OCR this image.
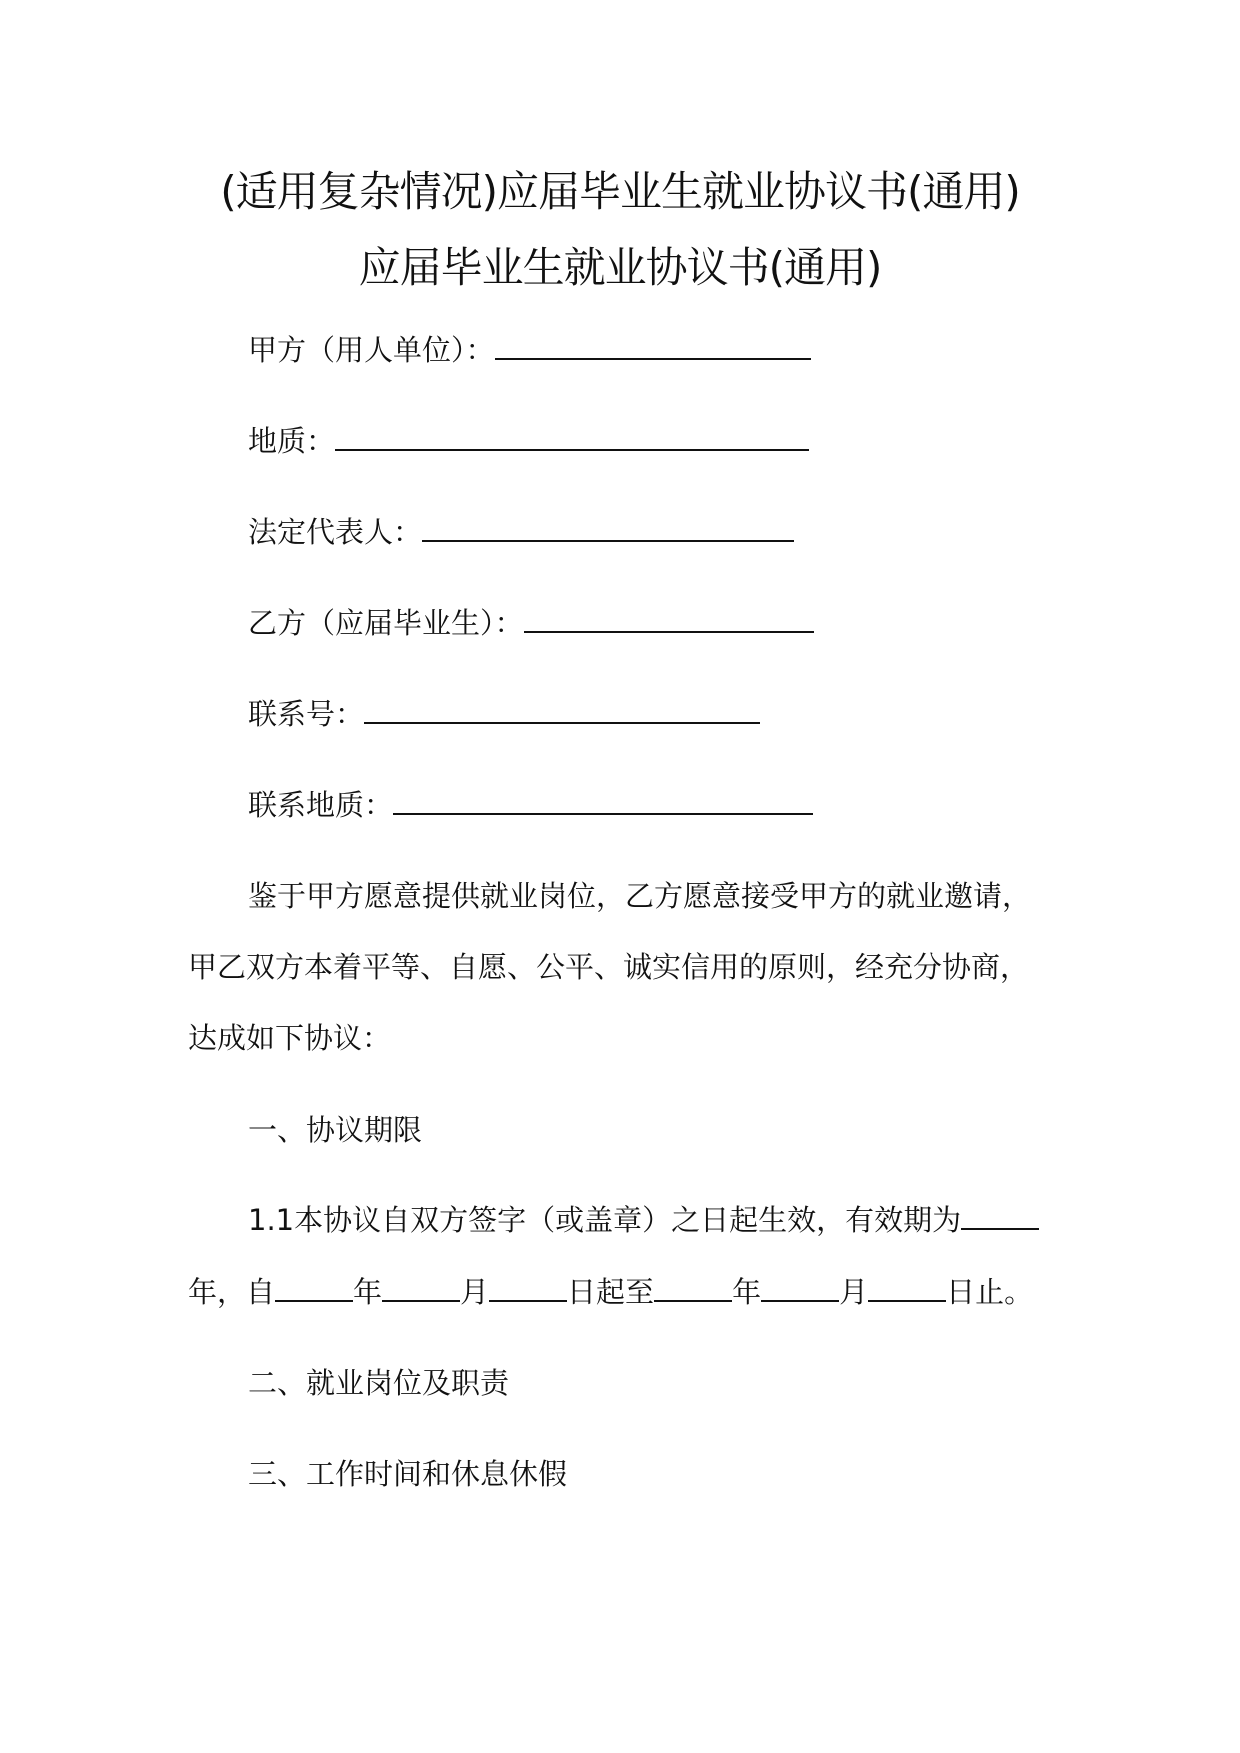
(适用复杂情况)应届毕业生就业协议书(通用)
应届毕业生就业协议书(通用)
甲方（用人单位）：
地质：
法定代表人：
乙方（应届毕业生）：
联系号：
联系地质：
鉴于甲方愿意提供就业岗位，乙方愿意接受甲方的就业邀请，
甲乙双方本着平等、自愿、公平、诚实信用的原则，经充分协商，
达成如下协议：
一、协议期限
1.1本协议自双方签字（或盖章）之日起生效，有效期为
年，自	年	月	日起至	年	月	日止。
二、就业岗位及职责
三、工作时间和休息休假
